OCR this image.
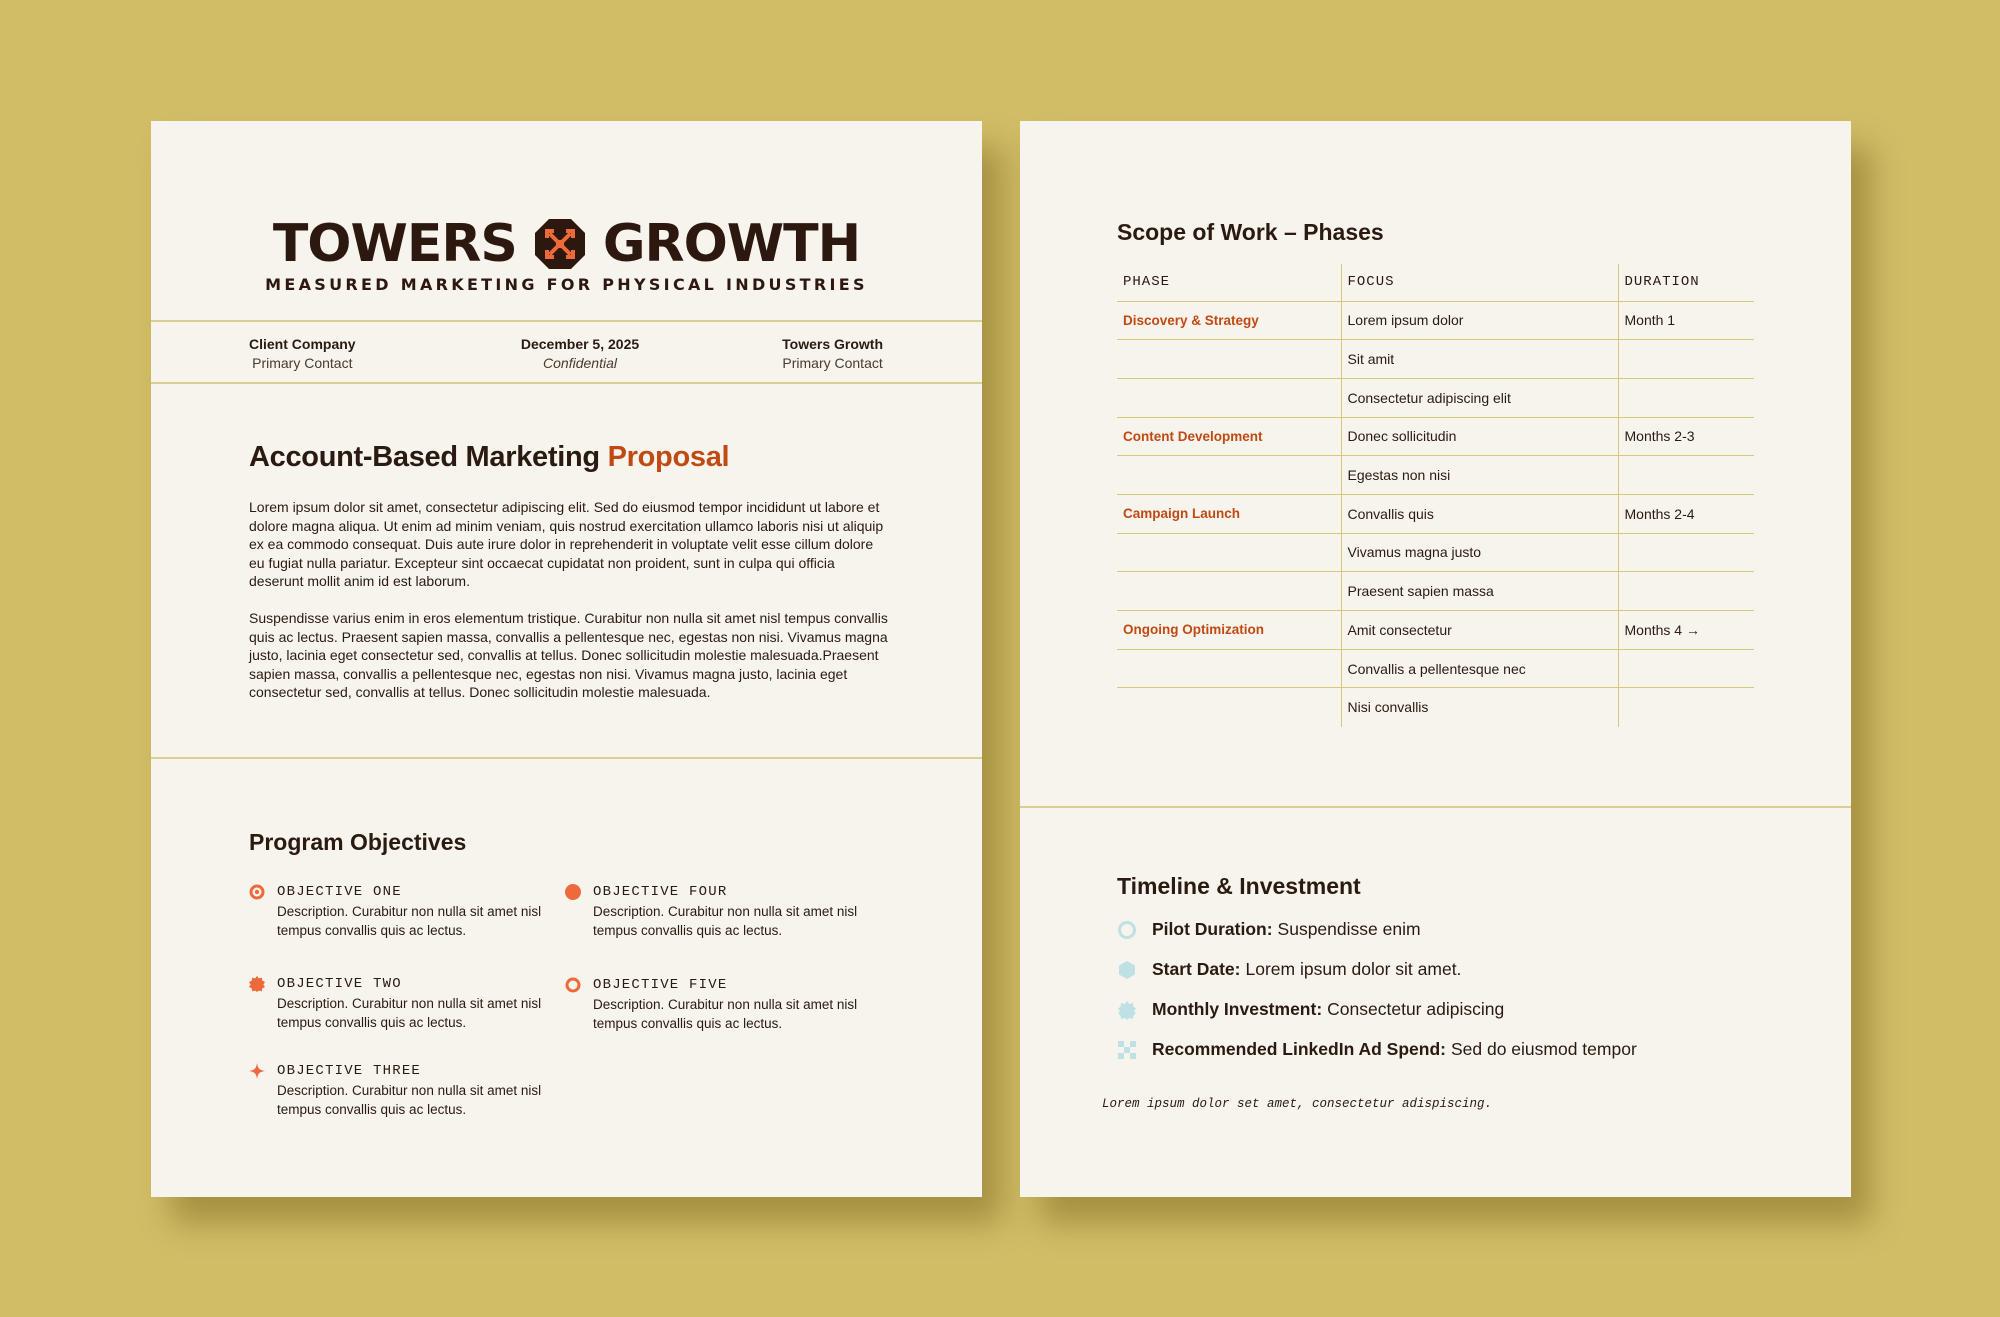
TOWERS GROWTH
MEASURED MARKETING FOR PHYSICAL INDUSTRIES
Client Company
Primary Contact
December 5, 2025
Confidential
Towers Growth
Primary Contact
Account-Based Marketing Proposal

Lorem ipsum dolor sit amet, consectetur adipiscing elit. Sed do eiusmod tempor incididunt ut labore et dolore magna aliqua. Ut enim ad minim veniam, quis nostrud exercitation ullamco laboris nisi ut aliquip ex ea commodo consequat. Duis aute irure dolor in reprehenderit in voluptate velit esse cillum dolore eu fugiat nulla pariatur. Excepteur sint occaecat cupidatat non proident, sunt in culpa qui officia deserunt mollit anim id est laborum.

Suspendisse varius enim in eros elementum tristique. Curabitur non nulla sit amet nisl tempus convallis quis ac lectus. Praesent sapien massa, convallis a pellentesque nec, egestas non nisi. Vivamus magna justo, lacinia eget consectetur sed, convallis at tellus. Donec sollicitudin molestie malesuada.Praesent sapien massa, convallis a pellentesque nec, egestas non nisi. Vivamus magna justo, lacinia eget consectetur sed, convallis at tellus. Donec sollicitudin molestie malesuada.

Program Objectives
OBJECTIVE ONE
Description. Curabitur non nulla sit amet nisl tempus convallis quis ac lectus.
OBJECTIVE TWO
Description. Curabitur non nulla sit amet nisl tempus convallis quis ac lectus.
OBJECTIVE THREE
Description. Curabitur non nulla sit amet nisl tempus convallis quis ac lectus.
OBJECTIVE FOUR
Description. Curabitur non nulla sit amet nisl tempus convallis quis ac lectus.
OBJECTIVE FIVE
Description. Curabitur non nulla sit amet nisl tempus convallis quis ac lectus.
Scope of Work – Phases
PHASE	FOCUS	DURATION
Discovery & Strategy	Lorem ipsum dolor	Month 1
	Sit amit	
	Consectetur adipiscing elit	
Content Development	Donec sollicitudin	Months 2-3
	Egestas non nisi	
Campaign Launch	Convallis quis	Months 2-4
	Vivamus magna justo	
	Praesent sapien massa	
Ongoing Optimization	Amit consectetur	Months 4 →
	Convallis a pellentesque nec	
	Nisi convallis	
Timeline & Investment
Pilot Duration: Suspendisse enim
Start Date: Lorem ipsum dolor sit amet.
Monthly Investment: Consectetur adipiscing
Recommended LinkedIn Ad Spend: Sed do eiusmod tempor
Lorem ipsum dolor set amet, consectetur adispiscing.
